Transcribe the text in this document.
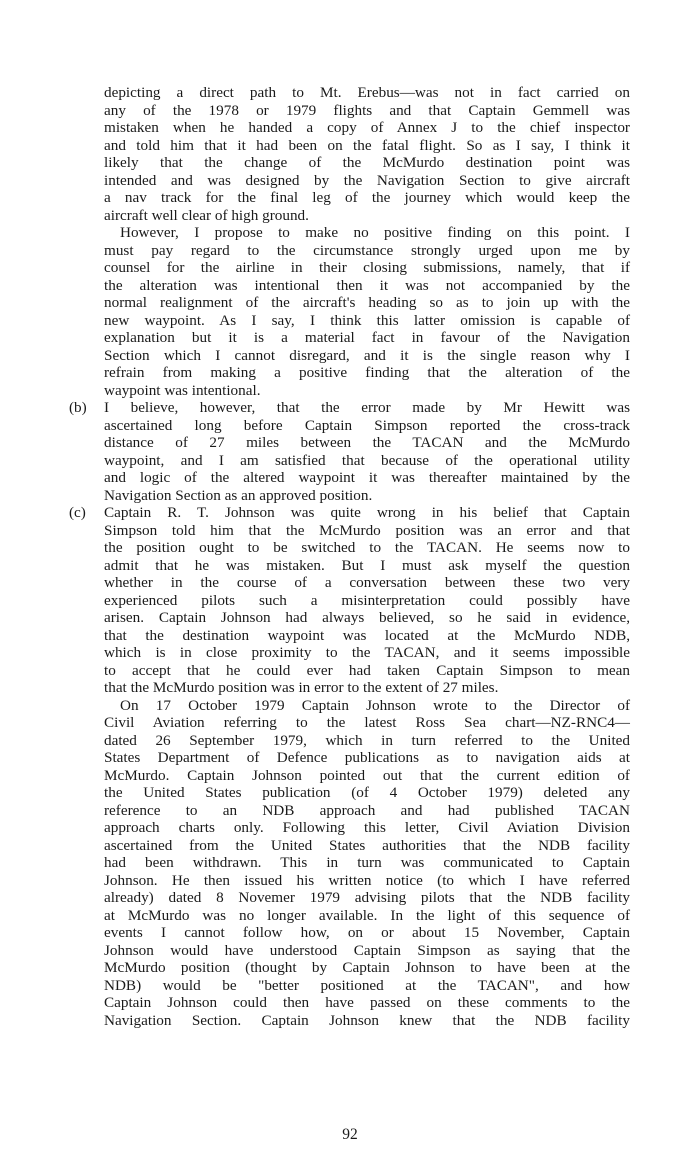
depicting a direct path to Mt. Erebus—was not in fact carried on
any of the 1978 or 1979 flights and that Captain Gemmell was
mistaken when he handed a copy of Annex J to the chief inspector
and told him that it had been on the fatal flight. So as I say, I think it
likely that the change of the McMurdo destination point was
intended and was designed by the Navigation Section to give aircraft
a nav track for the final leg of the journey which would keep the
aircraft well clear of high ground.
However, I propose to make no positive finding on this point. I
must pay regard to the circumstance strongly urged upon me by
counsel for the airline in their closing submissions, namely, that if
the alteration was intentional then it was not accompanied by the
normal realignment of the aircraft's heading so as to join up with the
new waypoint. As I say, I think this latter omission is capable of
explanation but it is a material fact in favour of the Navigation
Section which I cannot disregard, and it is the single reason why I
refrain from making a positive finding that the alteration of the
waypoint was intentional.
(b) I believe, however, that the error made by Mr Hewitt was
ascertained long before Captain Simpson reported the cross-track
distance of 27 miles between the TACAN and the McMurdo
waypoint, and I am satisfied that because of the operational utility
and logic of the altered waypoint it was thereafter maintained by the
Navigation Section as an approved position.
(c) Captain R. T. Johnson was quite wrong in his belief that Captain
Simpson told him that the McMurdo position was an error and that
the position ought to be switched to the TACAN. He seems now to
admit that he was mistaken. But I must ask myself the question
whether in the course of a conversation between these two very
experienced pilots such a misinterpretation could possibly have
arisen. Captain Johnson had always believed, so he said in evidence,
that the destination waypoint was located at the McMurdo NDB,
which is in close proximity to the TACAN, and it seems impossible
to accept that he could ever had taken Captain Simpson to mean
that the McMurdo position was in error to the extent of 27 miles.
On 17 October 1979 Captain Johnson wrote to the Director of
Civil Aviation referring to the latest Ross Sea chart—NZ-RNC4—
dated 26 September 1979, which in turn referred to the United
States Department of Defence publications as to navigation aids at
McMurdo. Captain Johnson pointed out that the current edition of
the United States publication (of 4 October 1979) deleted any
reference to an NDB approach and had published TACAN
approach charts only. Following this letter, Civil Aviation Division
ascertained from the United States authorities that the NDB facility
had been withdrawn. This in turn was communicated to Captain
Johnson. He then issued his written notice (to which I have referred
already) dated 8 Novemer 1979 advising pilots that the NDB facility
at McMurdo was no longer available. In the light of this sequence of
events I cannot follow how, on or about 15 November, Captain
Johnson would have understood Captain Simpson as saying that the
McMurdo position (thought by Captain Johnson to have been at the
NDB) would be "better positioned at the TACAN", and how
Captain Johnson could then have passed on these comments to the
Navigation Section. Captain Johnson knew that the NDB facility
92
